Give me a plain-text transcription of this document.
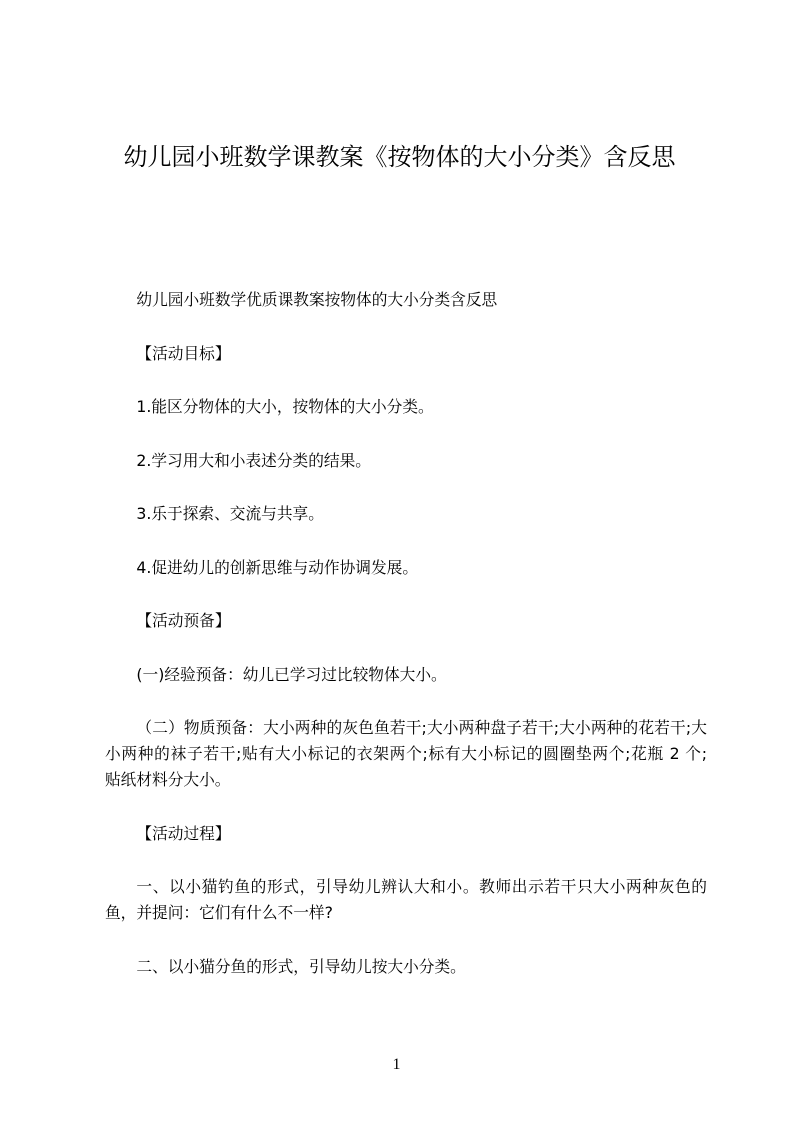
幼儿园小班数学课教案《按物体的大小分类》含反思
幼儿园小班数学优质课教案按物体的大小分类含反思
【活动目标】
1.能区分物体的大小，按物体的大小分类。
2.学习用大和小表述分类的结果。
3.乐于探索、交流与共享。
4.促进幼儿的创新思维与动作协调发展。
【活动预备】
(一)经验预备：幼儿已学习过比较物体大小。
（二）物质预备：大小两种的灰色鱼若干;大小两种盘子若干;大小两种的花若干;大
小两种的袜子若干;贴有大小标记的衣架两个;标有大小标记的圆圈垫两个;花瓶 2 个;
贴纸材料分大小。
【活动过程】
一、以小猫钓鱼的形式，引导幼儿辨认大和小。教师出示若干只大小两种灰色的
鱼，并提问：它们有什么不一样?
二、以小猫分鱼的形式，引导幼儿按大小分类。
1
